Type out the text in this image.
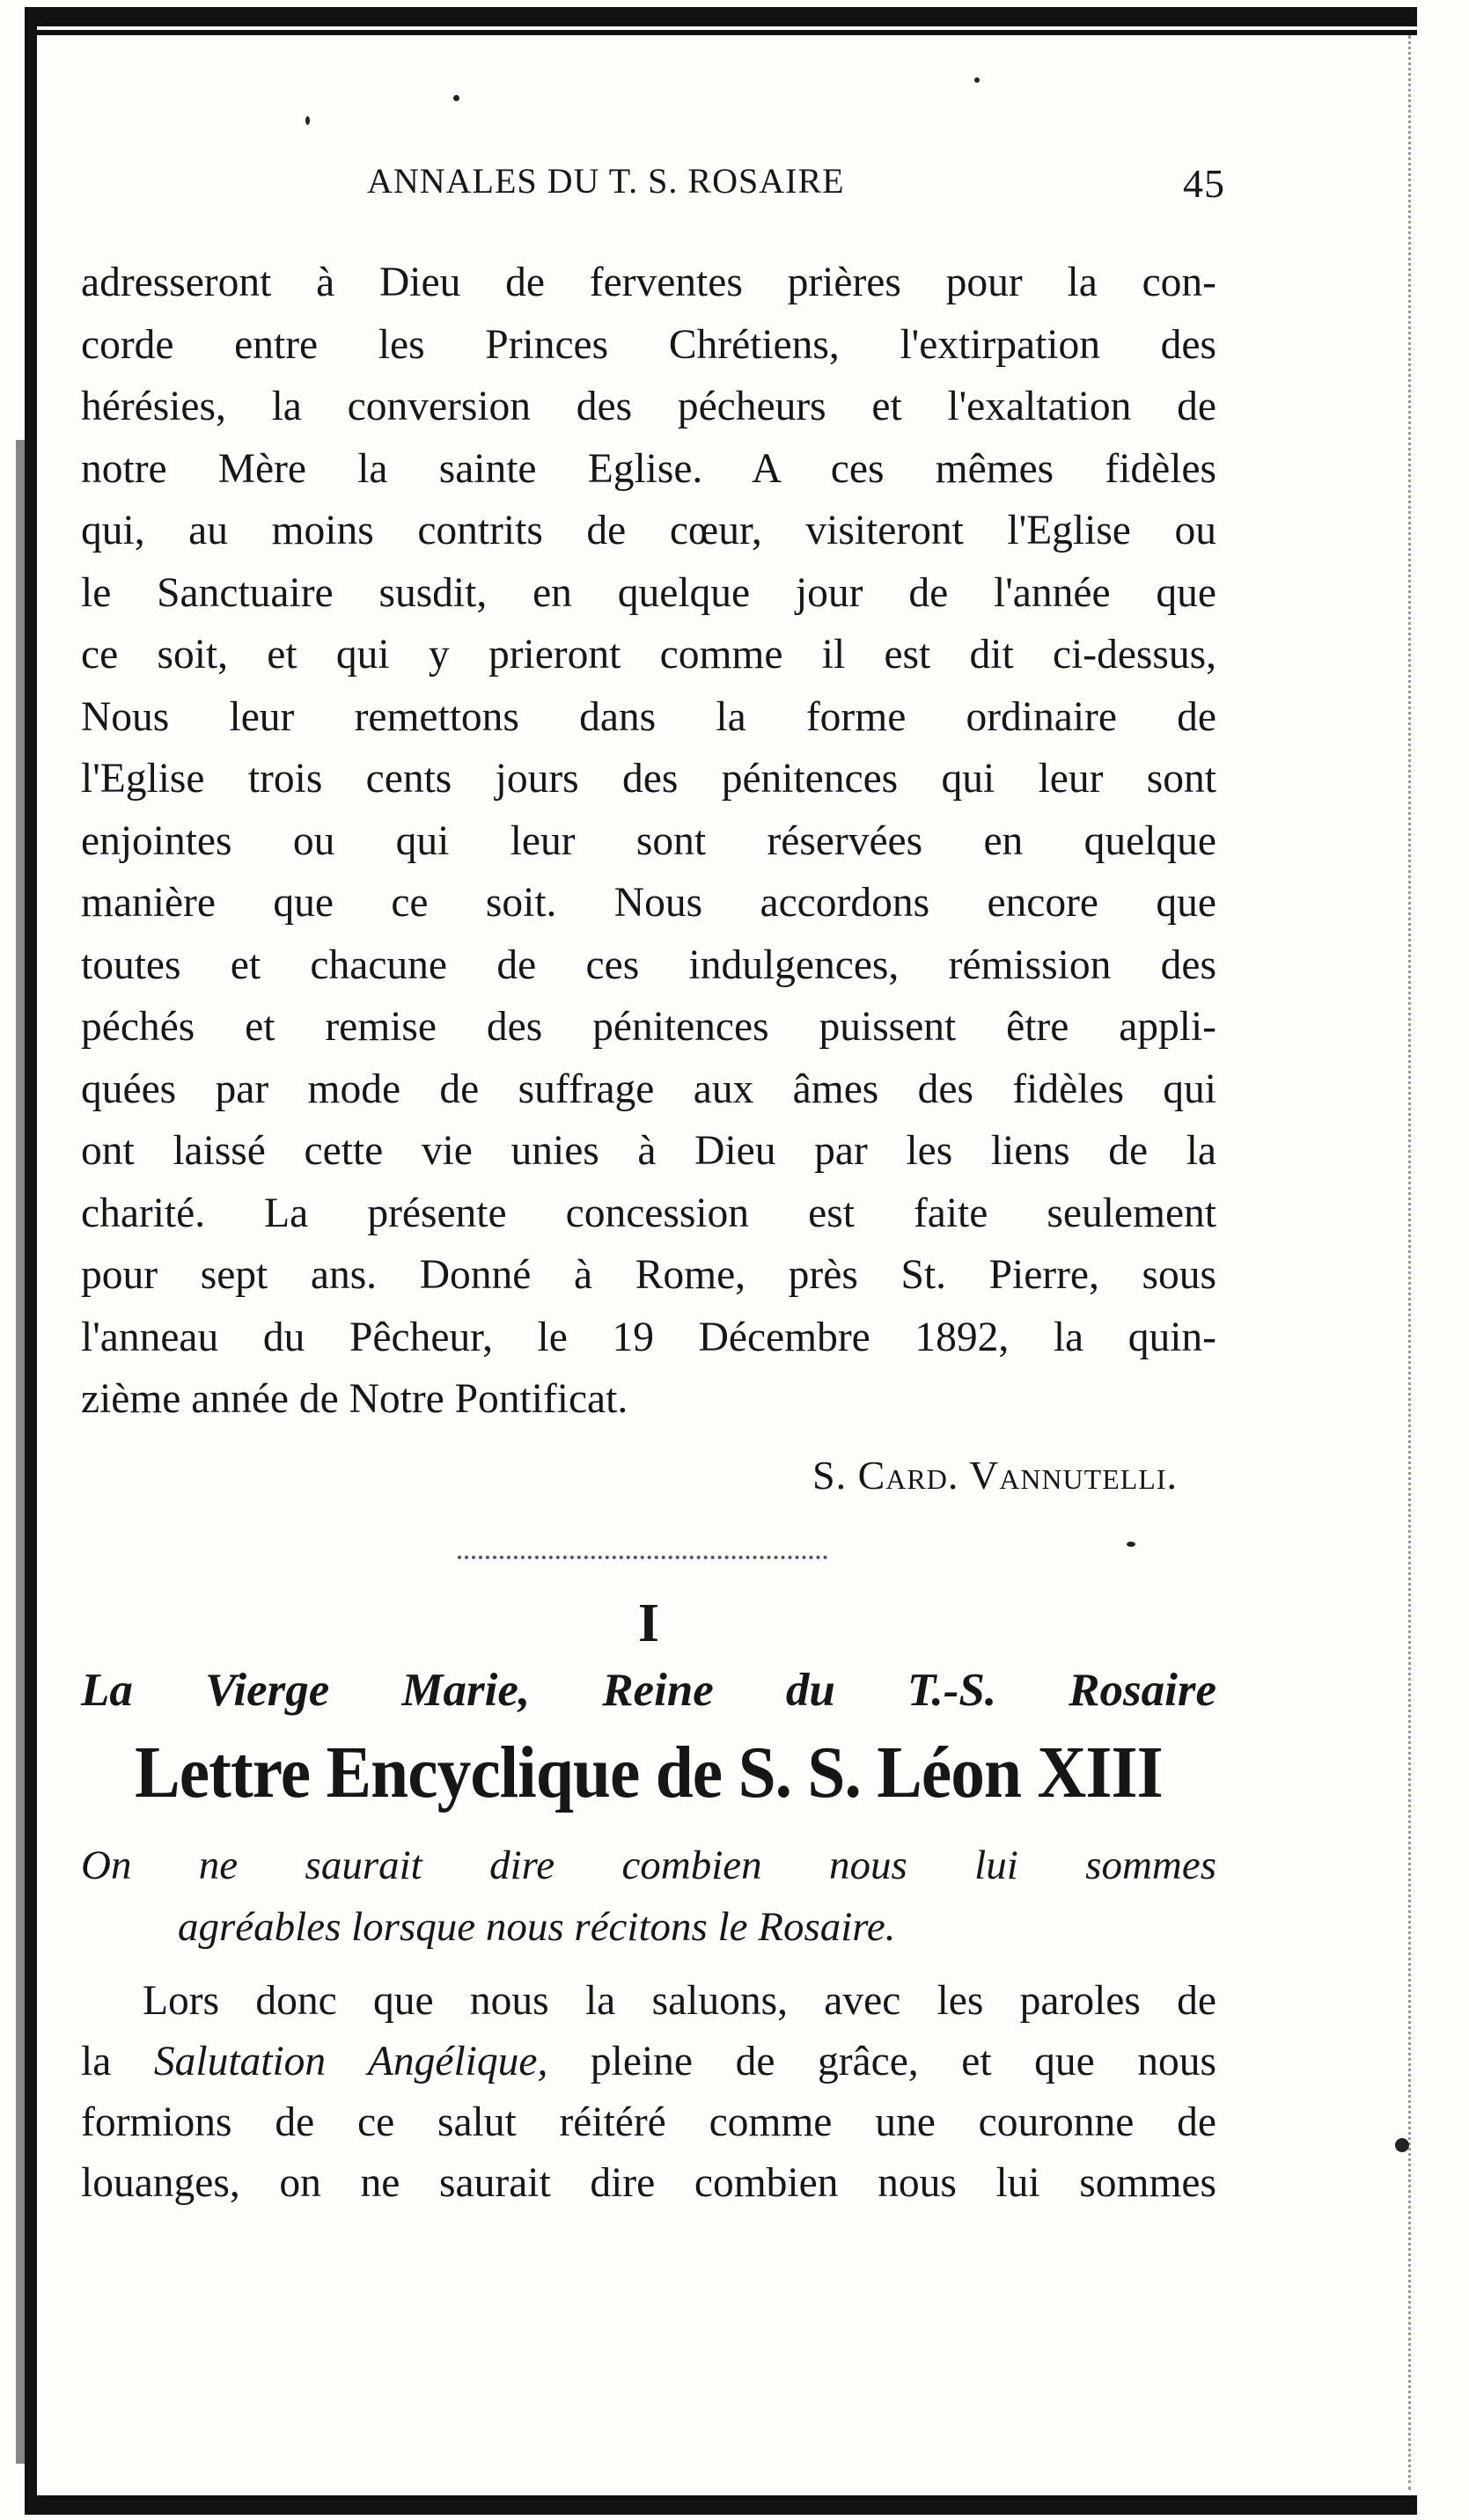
ANNALES DU T. S. ROSAIRE	45
adresseront à Dieu de ferventes prières pour la con-
corde entre les Princes Chrétiens, l'extirpation des
hérésies, la conversion des pécheurs et l'exaltation de
notre Mère la sainte Eglise. A ces mêmes fidèles
qui, au moins contrits de cœur, visiteront l'Eglise ou
le Sanctuaire susdit, en quelque jour de l'année que
ce soit, et qui y prieront comme il est dit ci-dessus,
Nous leur remettons dans la forme ordinaire de
l'Eglise trois cents jours des pénitences qui leur sont
enjointes ou qui leur sont réservées en quelque
manière que ce soit. Nous accordons encore que
toutes et chacune de ces indulgences, rémission des
péchés et remise des pénitences puissent être appli-
quées par mode de suffrage aux âmes des fidèles qui
ont laissé cette vie unies à Dieu par les liens de la
charité. La présente concession est faite seulement
pour sept ans. Donné à Rome, près St. Pierre, sous
l'anneau du Pêcheur, le 19 Décembre 1892, la quin-
zième année de Notre Pontificat.
S. Card. Vannutelli.
I
La Vierge Marie, Reine du T.-S. Rosaire
Lettre Encyclique de S. S. Léon XIII
On ne saurait dire combien nous lui sommes
agréables lorsque nous récitons le Rosaire.
Lors donc que nous la saluons, avec les paroles de
la Salutation Angélique, pleine de grâce, et que nous
formions de ce salut réitéré comme une couronne de
louanges, on ne saurait dire combien nous lui sommes
